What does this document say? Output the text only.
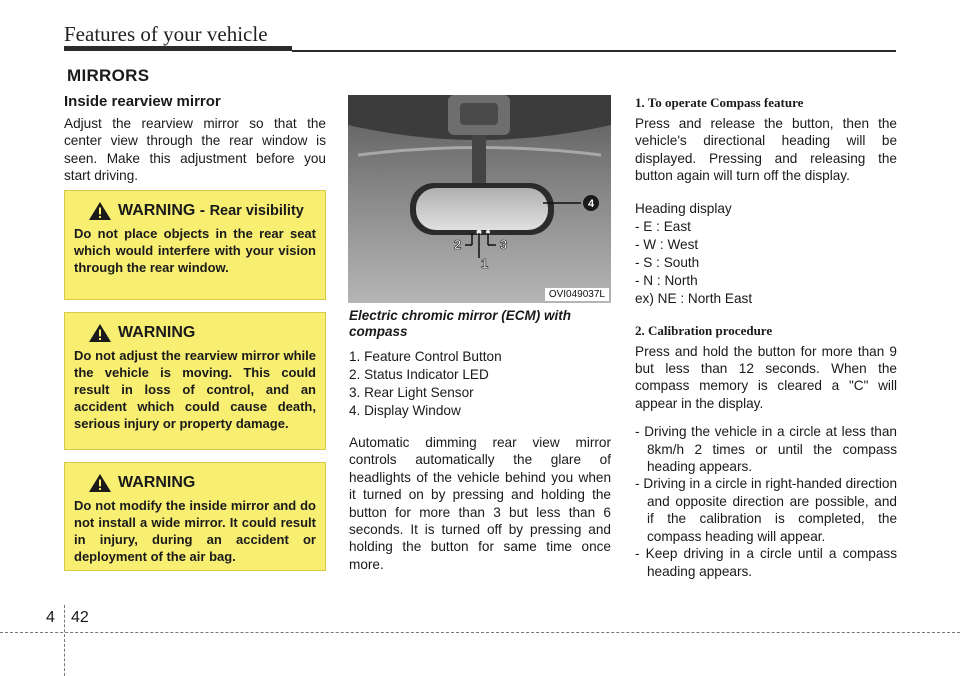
Features of your vehicle
MIRRORS

Inside rearview mirror

Adjust the rearview mirror so that the center view through the rear window is seen. Make this adjustment before you start driving.

WARNING - Rear visibility

Do not place objects in the rear seat which would interfere with your vision through the rear window.

WARNING

Do not adjust the rearview mirror while the vehicle is moving. This could result in loss of control, and an accident which could cause death, serious injury or property damage.

WARNING

Do not modify the inside mirror and do not install a wide mirror. It could result in injury, during an accident or deployment of the air bag.

4
2	3
1
OVI049037L

Electric chromic mirror (ECM) with compass

1. Feature Control Button

2. Status Indicator LED

3. Rear Light Sensor

4. Display Window

Automatic dimming rear view mirror controls automatically the glare of headlights of the vehicle behind you when it turned on by pressing and holding the button for more than 3 but less than 6 seconds. It is turned off by pressing and holding the button for same time once more.

1. To operate Compass feature

Press and release the button, then the vehicle's directional heading will be displayed. Pressing and releasing the button again will turn off the display.

Heading display

- E : East

- W : West

- S : South

- N : North

ex) NE : North East

2. Calibration procedure

Press and hold the button for more than 9 but less than 12 seconds. When the compass memory is cleared a "C" will appear in the display.

- Driving the vehicle in a circle at less than 8km/h 2 times or until the compass heading appears.

- Driving in a circle in right-handed direction and opposite direction are possible, and if the calibration is completed, the compass heading will appear.

- Keep driving in a circle until a compass heading appears.

4 42
